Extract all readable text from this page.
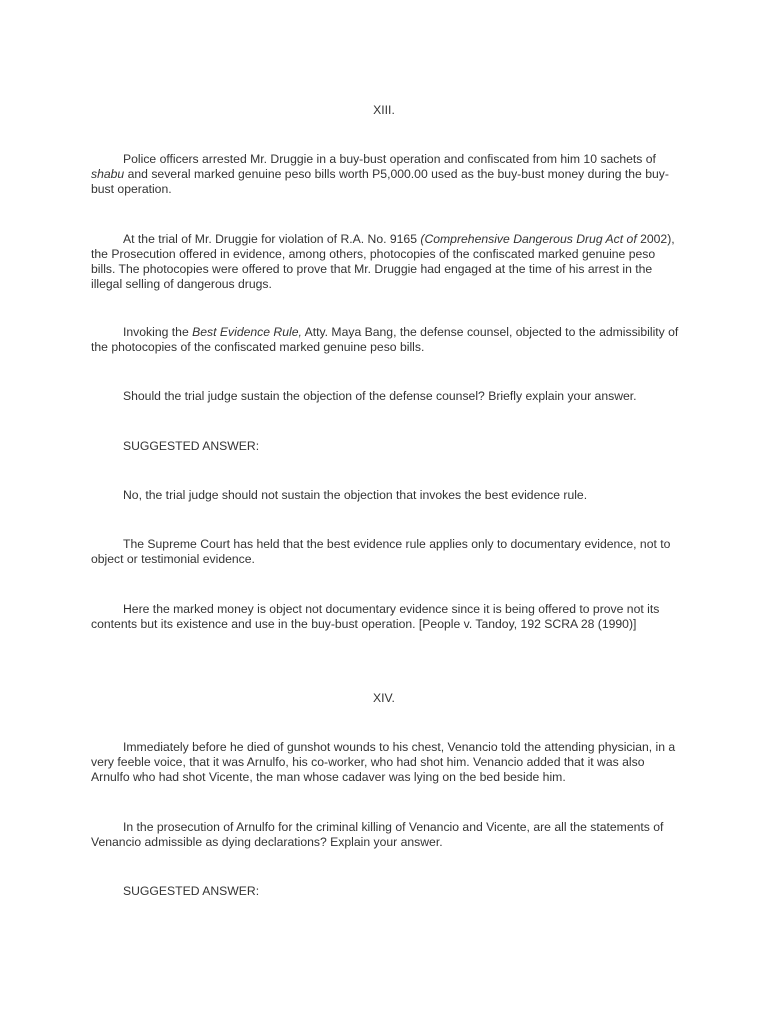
XIII.

Police officers arrested Mr. Druggie in a buy-bust operation and confiscated from him 10 sachets of shabu and several marked genuine peso bills worth P5,000.00 used as the buy-bust money during the buy-bust operation.

At the trial of Mr. Druggie for violation of R.A. No. 9165 (Comprehensive Dangerous Drug Act of 2002), the Prosecution offered in evidence, among others, photocopies of the confiscated marked genuine peso bills. The photocopies were offered to prove that Mr. Druggie had engaged at the time of his arrest in the illegal selling of dangerous drugs.

Invoking the Best Evidence Rule, Atty. Maya Bang, the defense counsel, objected to the admissibility of the photocopies of the confiscated marked genuine peso bills.

Should the trial judge sustain the objection of the defense counsel? Briefly explain your answer.

SUGGESTED ANSWER:

No, the trial judge should not sustain the objection that invokes the best evidence rule.

The Supreme Court has held that the best evidence rule applies only to documentary evidence, not to object or testimonial evidence.

Here the marked money is object not documentary evidence since it is being offered to prove not its contents but its existence and use in the buy-bust operation. [People v. Tandoy, 192 SCRA 28 (1990)]

XIV.

Immediately before he died of gunshot wounds to his chest, Venancio told the attending physician, in a very feeble voice, that it was Arnulfo, his co-worker, who had shot him. Venancio added that it was also Arnulfo who had shot Vicente, the man whose cadaver was lying on the bed beside him.

In the prosecution of Arnulfo for the criminal killing of Venancio and Vicente, are all the statements of Venancio admissible as dying declarations? Explain your answer.

SUGGESTED ANSWER:
